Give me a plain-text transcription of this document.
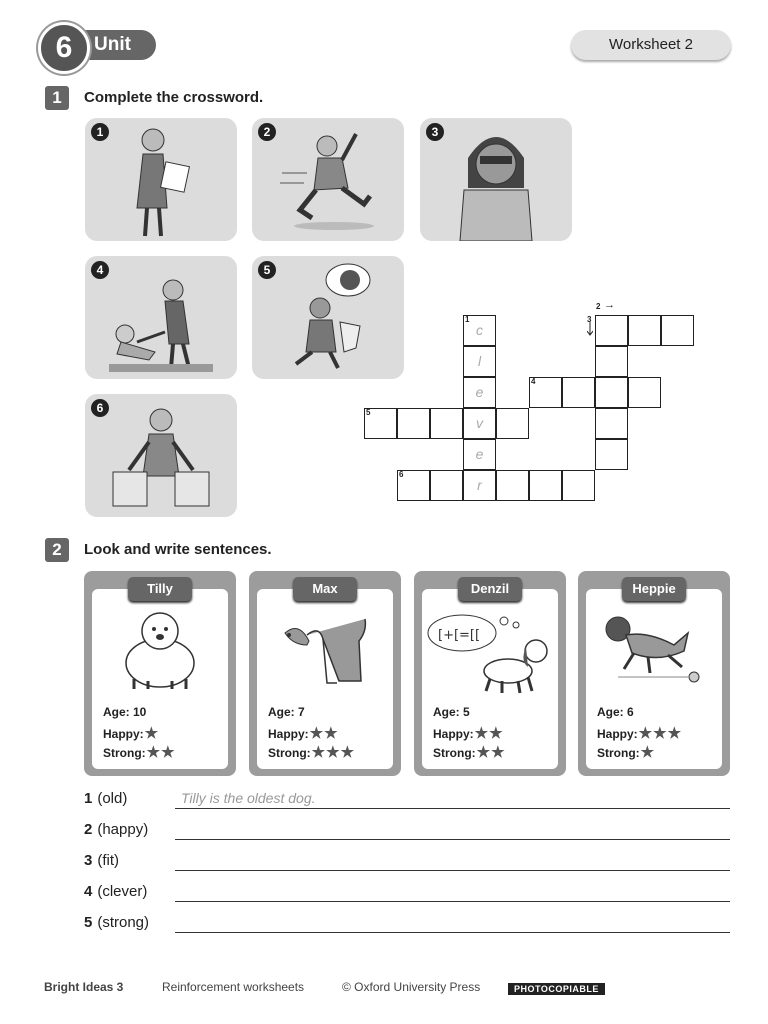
Unit
6	Worksheet 2
1	Complete the crossword.
1	2	3
4	5
6
c
l
e
v
e
r
1
2 →
3
4
5
6
2	Look and write sentences.
Tilly
Age: 10
Happy:★
Strong:★★
Max
Age: 7
Happy:★★
Strong:★★★
Denzil
[+[=[[
Age: 5
Happy:★★
Strong:★★
Heppie
Age: 6
Happy:★★★
Strong:★
1 (old)	Tilly is the oldest dog.
2 (happy)
3 (fit)
4 (clever)
5 (strong)
Bright Ideas 3	Reinforcement worksheets	© Oxford University Press	PHOTOCOPIABLE
